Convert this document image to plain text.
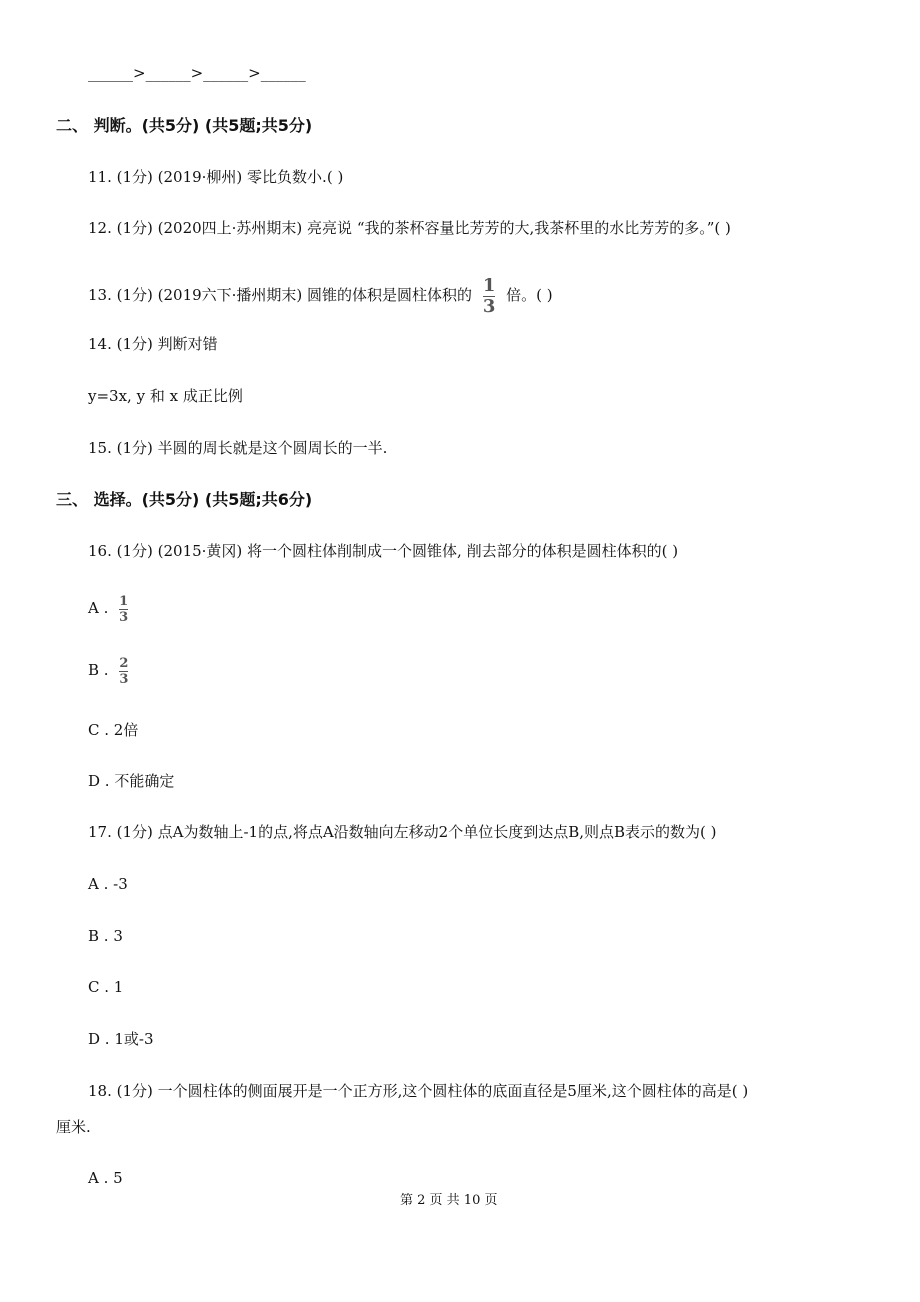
______>______>______>______
二、 判断。(共5分) (共5题;共5分)
11. (1分) (2019·柳州) 零比负数小.( )
12. (1分) (2020四上·苏州期末) 亮亮说 “我的茶杯容量比芳芳的大,我茶杯里的水比芳芳的多。”( )
13. (1分) (2019六下·播州期末) 圆锥的体积是圆柱体积的 $\frac{1}{3}$ 倍。( )
14. (1分) 判断对错
y=3x, y 和 x 成正比例
15. (1分) 半圆的周长就是这个圆周长的一半.
三、 选择。(共5分) (共5题;共6分)
16. (1分) (2015·黄冈) 将一个圆柱体削制成一个圆锥体, 削去部分的体积是圆柱体积的( )
A . $\frac{1}{3}$
B . $\frac{2}{3}$
C . 2倍
D . 不能确定
17. (1分) 点A为数轴上-1的点,将点A沿数轴向左移动2个单位长度到达点B,则点B表示的数为( )
A . -3
B . 3
C . 1
D . 1或-3
18. (1分) 一个圆柱体的侧面展开是一个正方形,这个圆柱体的底面直径是5厘米,这个圆柱体的高是( )
厘米.
A . 5
第 2 页 共 10 页
